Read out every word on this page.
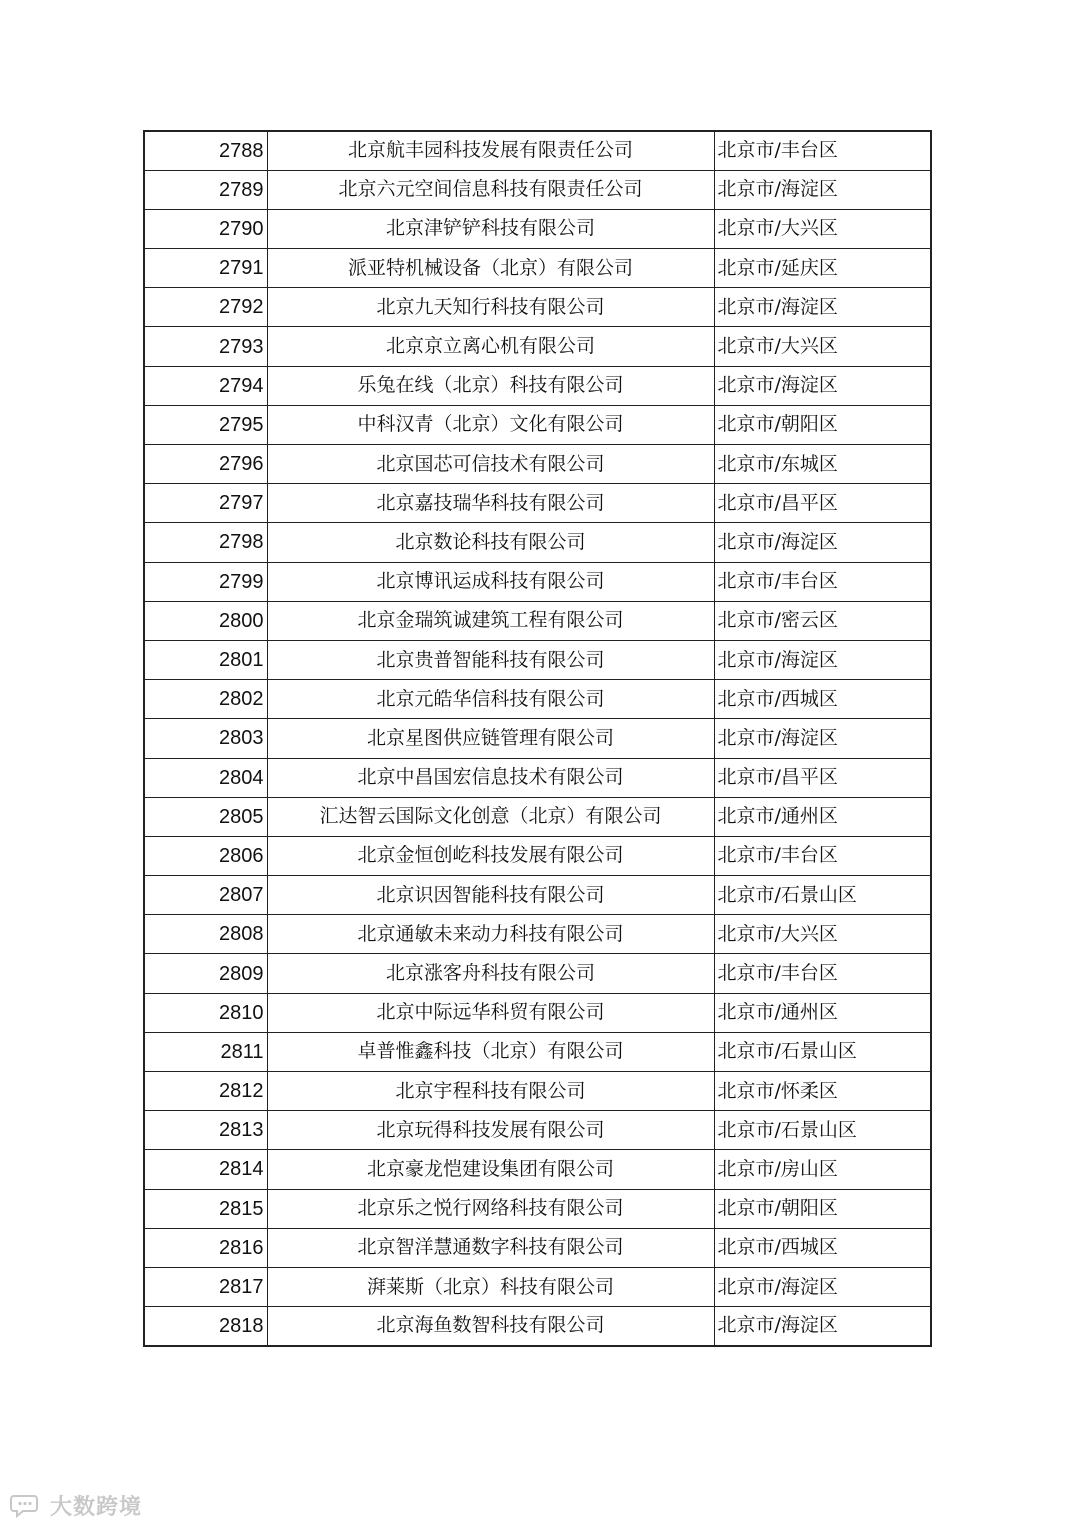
2788	北京航丰园科技发展有限责任公司	北京市/丰台区
2789	北京六元空间信息科技有限责任公司	北京市/海淀区
2790	北京津铲铲科技有限公司	北京市/大兴区
2791	派亚特机械设备（北京）有限公司	北京市/延庆区
2792	北京九天知行科技有限公司	北京市/海淀区
2793	北京京立离心机有限公司	北京市/大兴区
2794	乐兔在线（北京）科技有限公司	北京市/海淀区
2795	中科汉青（北京）文化有限公司	北京市/朝阳区
2796	北京国芯可信技术有限公司	北京市/东城区
2797	北京嘉技瑞华科技有限公司	北京市/昌平区
2798	北京数论科技有限公司	北京市/海淀区
2799	北京博讯运成科技有限公司	北京市/丰台区
2800	北京金瑞筑诚建筑工程有限公司	北京市/密云区
2801	北京贵普智能科技有限公司	北京市/海淀区
2802	北京元皓华信科技有限公司	北京市/西城区
2803	北京星图供应链管理有限公司	北京市/海淀区
2804	北京中昌国宏信息技术有限公司	北京市/昌平区
2805	汇达智云国际文化创意（北京）有限公司	北京市/通州区
2806	北京金恒创屹科技发展有限公司	北京市/丰台区
2807	北京识因智能科技有限公司	北京市/石景山区
2808	北京通敏未来动力科技有限公司	北京市/大兴区
2809	北京涨客舟科技有限公司	北京市/丰台区
2810	北京中际远华科贸有限公司	北京市/通州区
2811	卓普惟鑫科技（北京）有限公司	北京市/石景山区
2812	北京宇程科技有限公司	北京市/怀柔区
2813	北京玩得科技发展有限公司	北京市/石景山区
2814	北京豪龙恺建设集团有限公司	北京市/房山区
2815	北京乐之悦行网络科技有限公司	北京市/朝阳区
2816	北京智洋慧通数字科技有限公司	北京市/西城区
2817	湃莱斯（北京）科技有限公司	北京市/海淀区
2818	北京海鱼数智科技有限公司	北京市/海淀区
大数跨境
